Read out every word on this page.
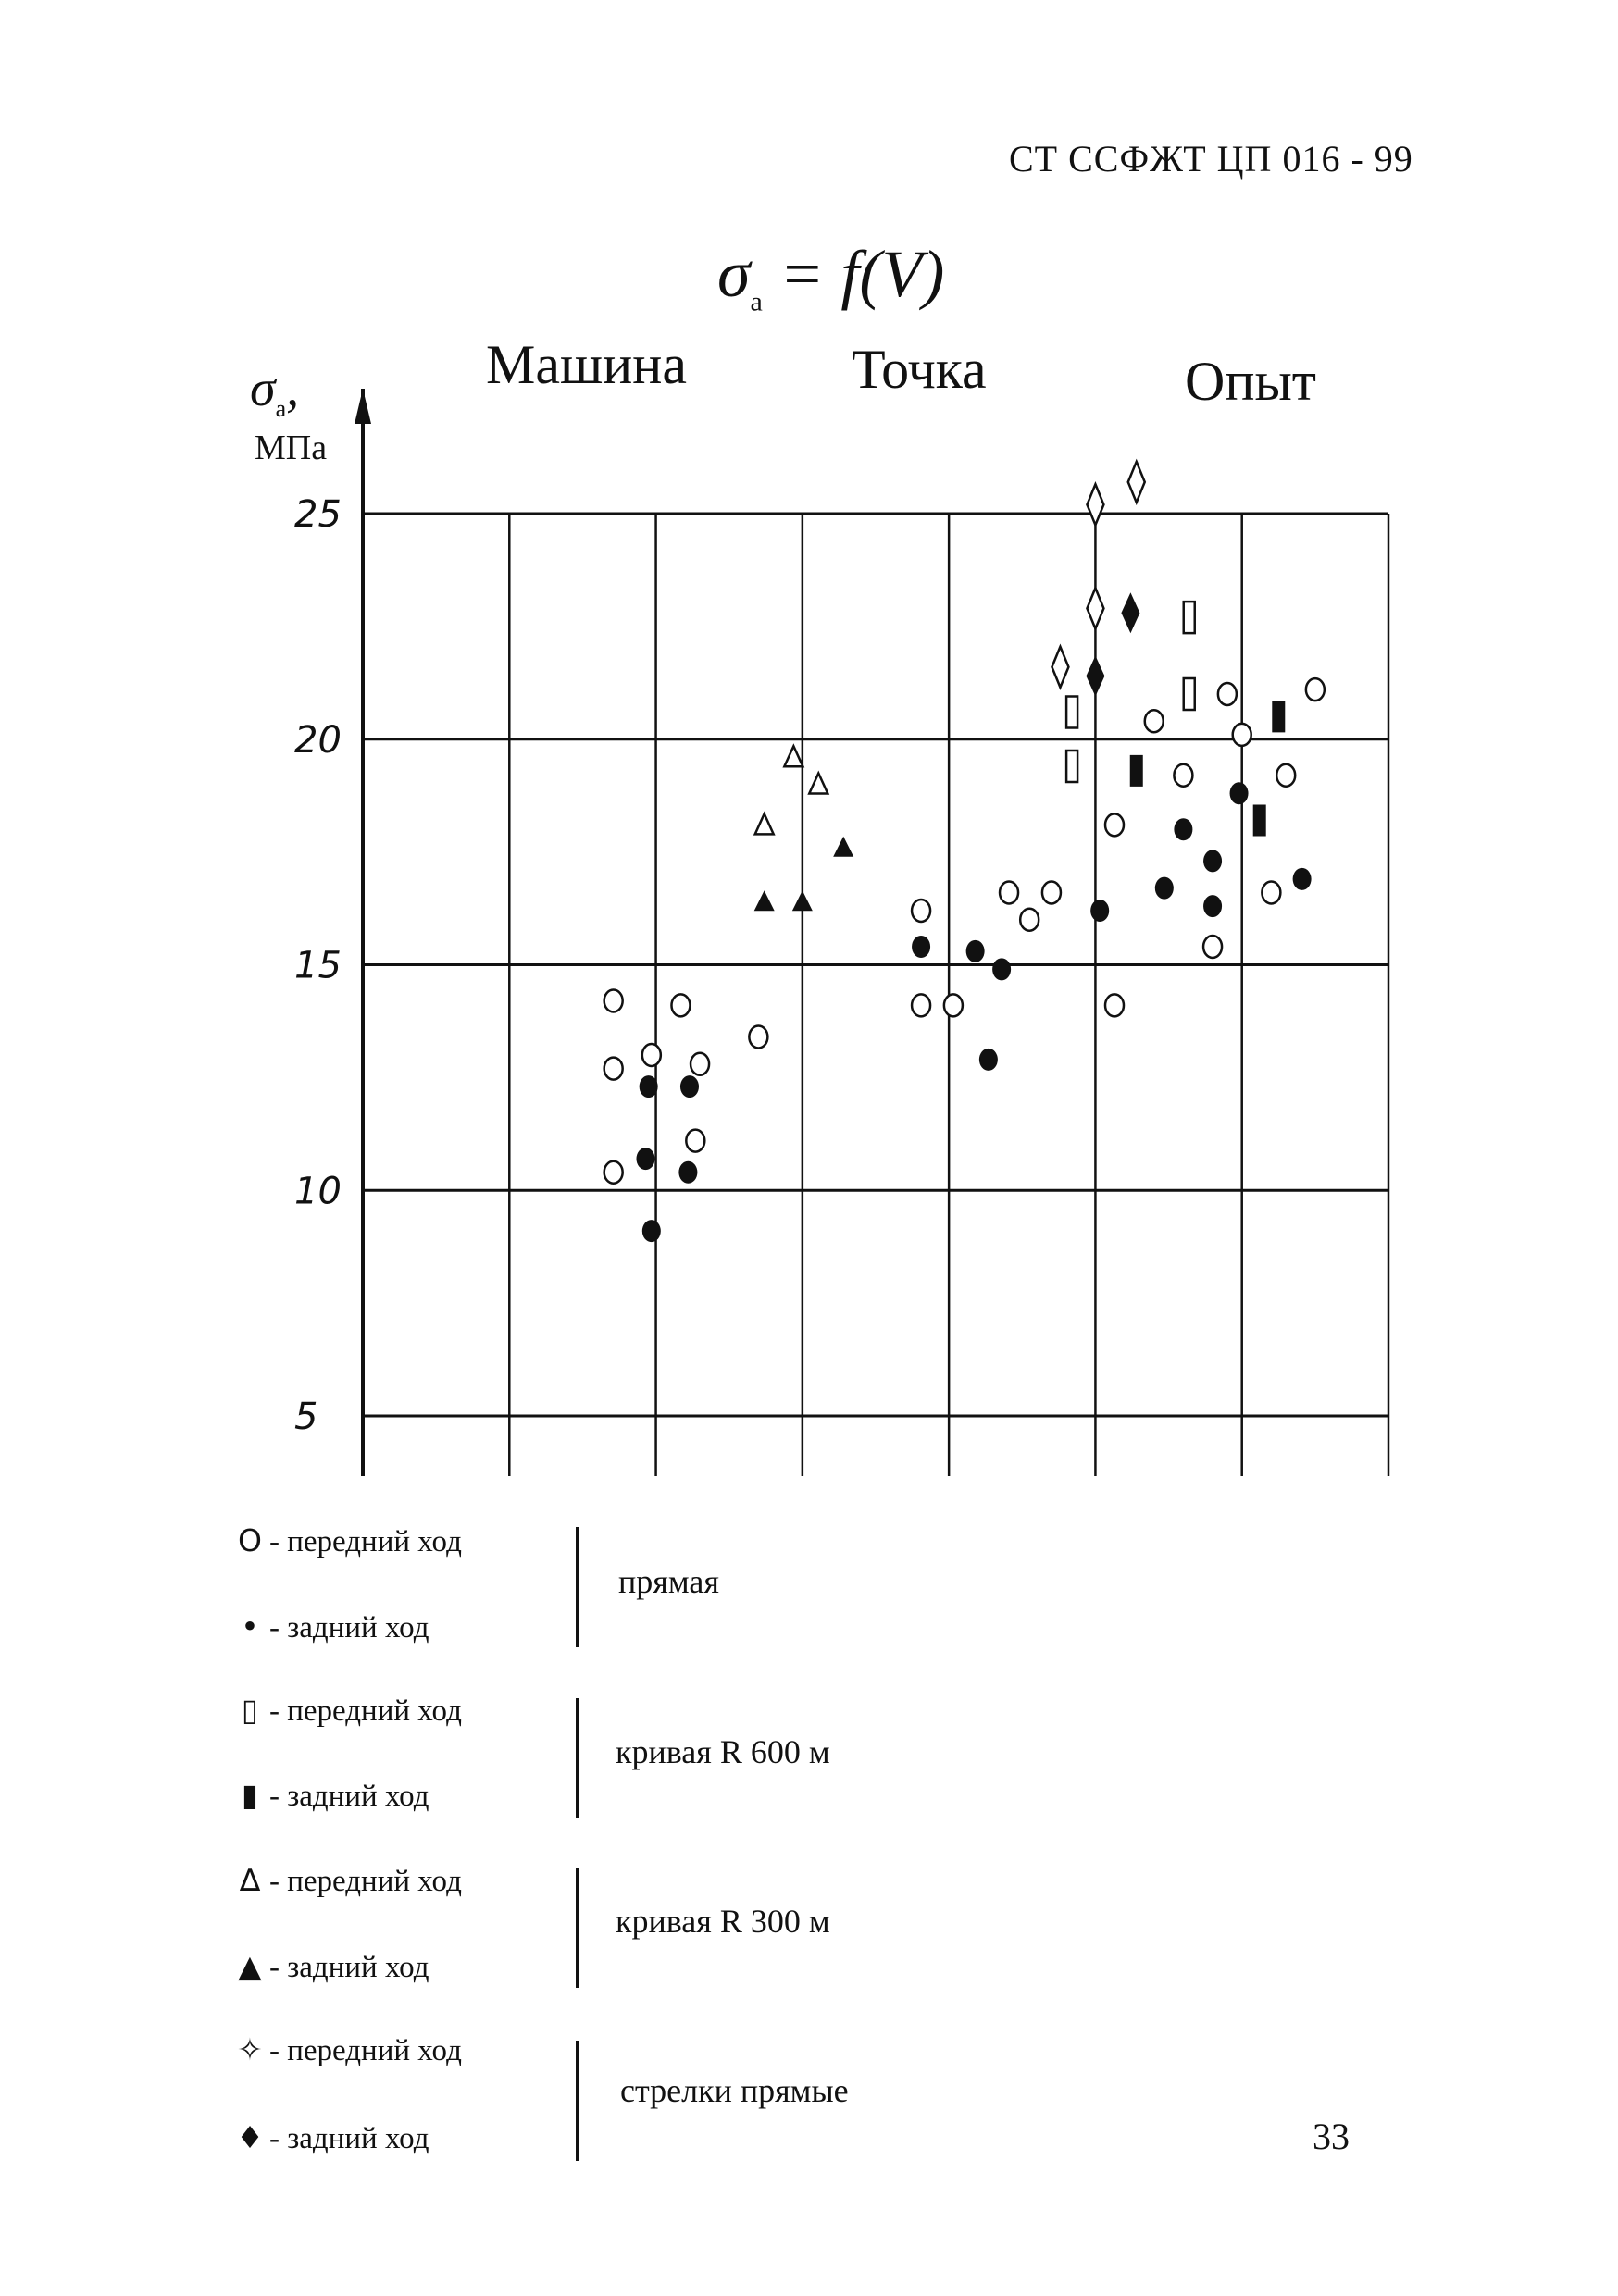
СТ ССФЖТ ЦП 016 - 99
$\sigma_a = f(V)$
Машина	Точка	Опыт
$\sigma_a$,
МПа
25
20
15
10
5
O - передний ход
• - задний ход
▯ - передний ход
▮ - задний ход
∆ - передний ход
▲ - задний ход
✧ - передний ход
♦ - задний ход
прямая
кривая R 600 м
кривая R 300 м
стрелки прямые
33
